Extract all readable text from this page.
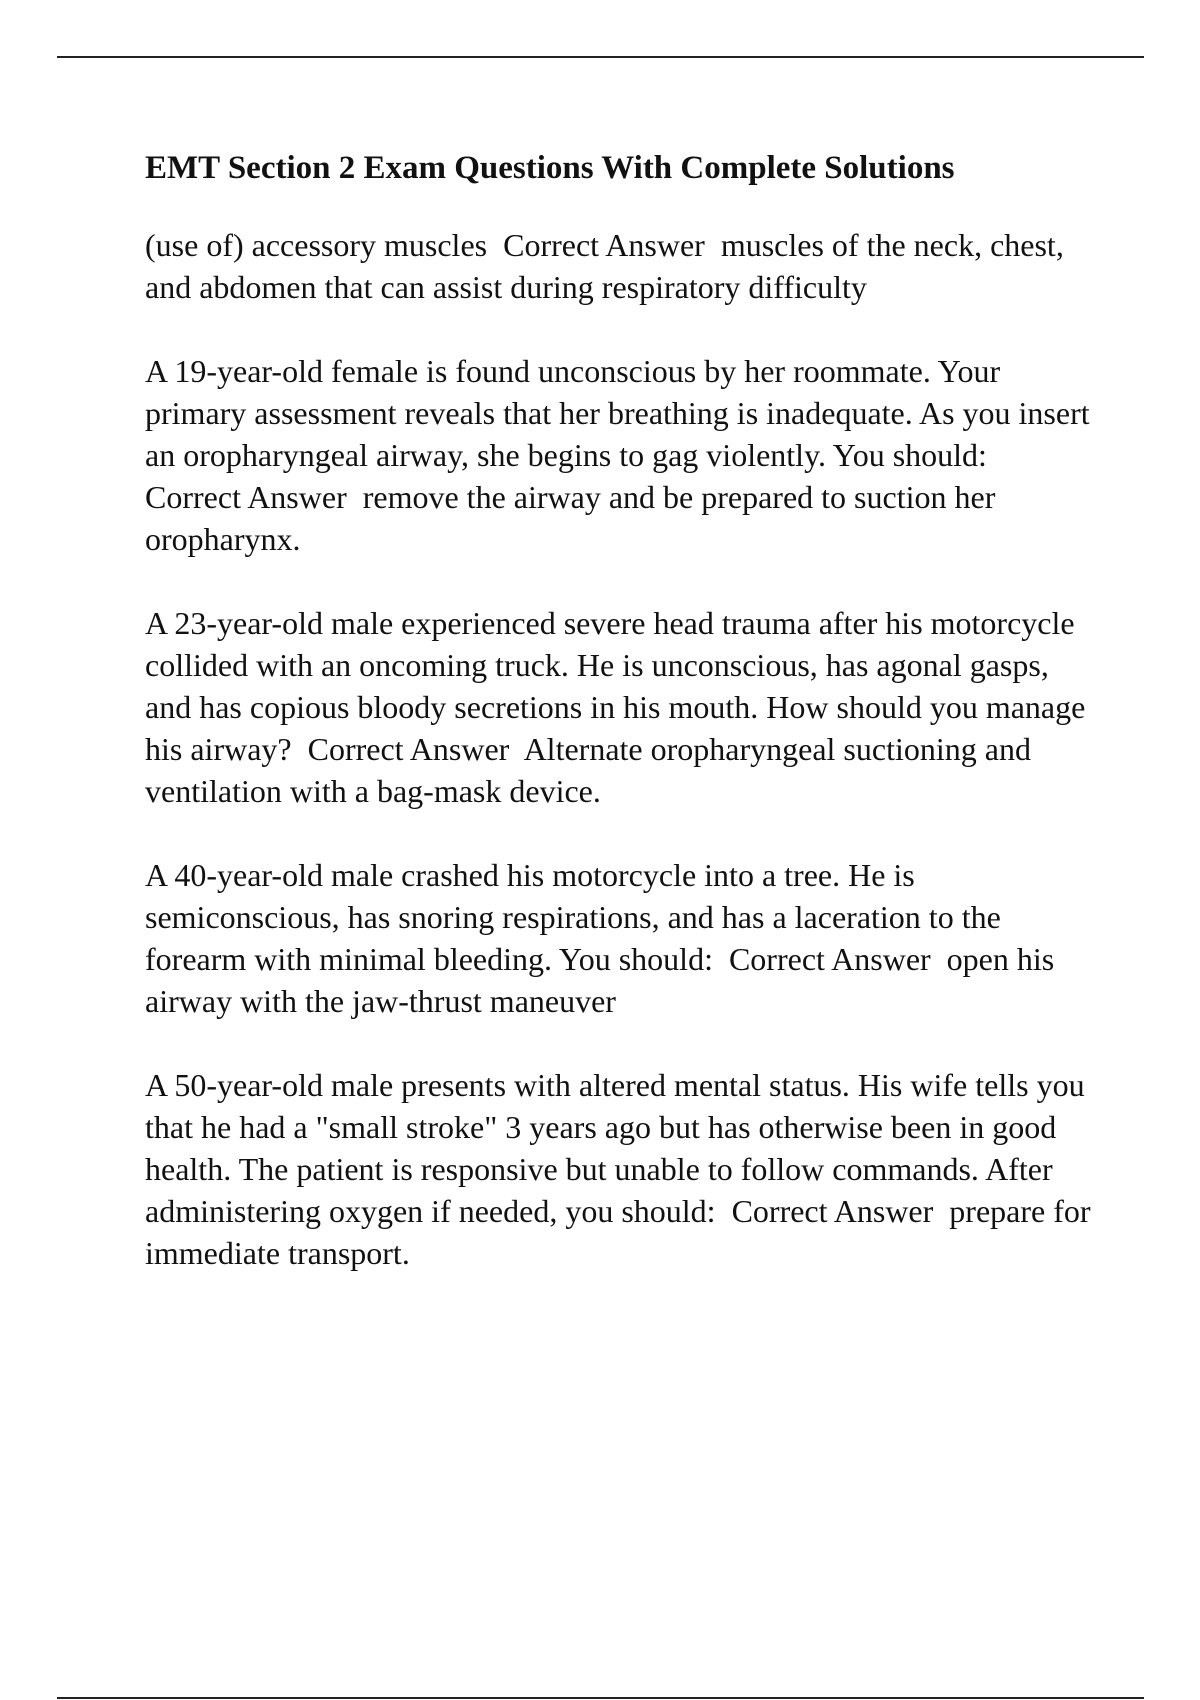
EMT Section 2 Exam Questions With Complete Solutions

(use of) accessory muscles Correct Answer muscles of the neck, chest, and abdomen that can assist during respiratory difficulty

A 19-year-old female is found unconscious by her roommate. Your primary assessment reveals that her breathing is inadequate. As you insert an oropharyngeal airway, she begins to gag violently. You should:  Correct Answer remove the airway and be prepared to suction her oropharynx.

A 23-year-old male experienced severe head trauma after his motorcycle collided with an oncoming truck. He is unconscious, has agonal gasps, and has copious bloody secretions in his mouth. How should you manage his airway? Correct Answer Alternate oropharyngeal suctioning and ventilation with a bag-mask device.

A 40-year-old male crashed his motorcycle into a tree. He is semiconscious, has snoring respirations, and has a laceration to the forearm with minimal bleeding. You should: Correct Answer open his airway with the jaw-thrust maneuver

A 50-year-old male presents with altered mental status. His wife tells you that he had a "small stroke" 3 years ago but has otherwise been in good health. The patient is responsive but unable to follow commands. After administering oxygen if needed, you should: Correct Answer prepare for immediate transport.
